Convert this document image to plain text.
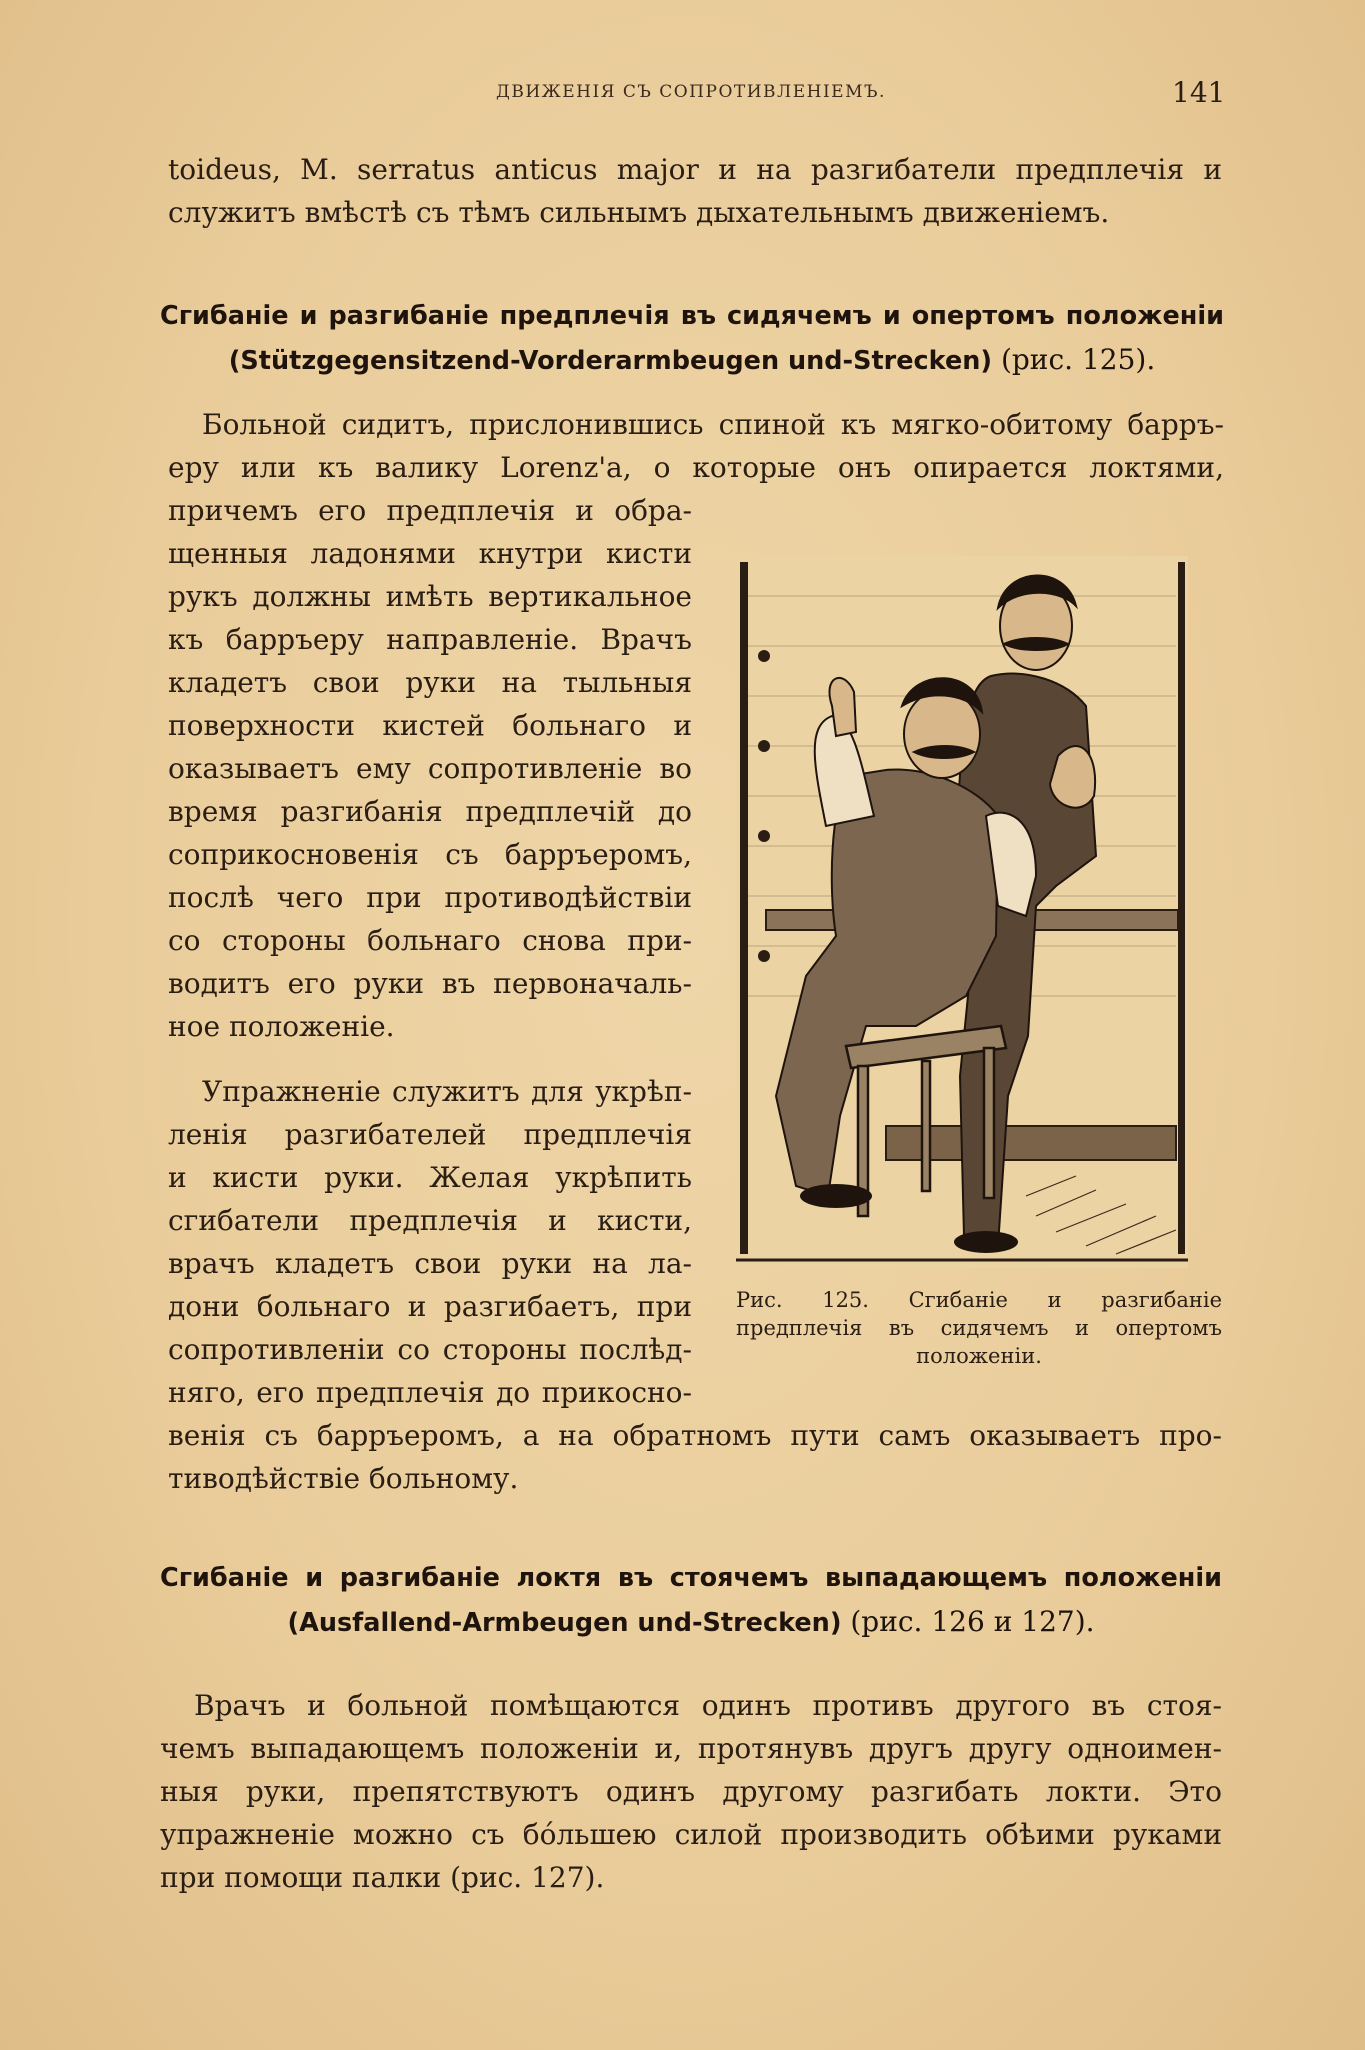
ДВИЖЕНІЯ СЪ СОПРОТИВЛЕНІЕМЪ.	141
toideus, M. serratus anticus major и на разгибатели предплечія и
служитъ вмѣстѣ съ тѣмъ сильнымъ дыхательнымъ движеніемъ.
Сгибаніе и разгибаніе предплечія въ сидячемъ и опертомъ положеніи
(Stützgegensitzend-Vorderarmbeugen und-Strecken) (рис. 125).
Больной сидитъ, прислонившись спиной къ мягко-обитому барръ-
еру или къ валику Lorenz'a, о которые онъ опирается локтями,
причемъ его предплечія и обра-
щенныя ладонями кнутри кисти
рукъ должны имѣть вертикальное
къ барръеру направленіе. Врачъ
кладетъ свои руки на тыльныя
поверхности кистей больнаго и
оказываетъ ему сопротивленіе во
время разгибанія предплечій до
соприкосновенія съ барръеромъ,
послѣ чего при противодѣйствіи
со стороны больнаго снова при-
водитъ его руки въ первоначаль-
ное положеніе.
Упражненіе служитъ для укрѣп-
ленія разгибателей предплечія
и кисти руки. Желая укрѣпить
сгибатели предплечія и кисти,
врачъ кладетъ свои руки на ла-
дони больнаго и разгибаетъ, при
сопротивленіи со стороны послѣд-
няго, его предплечія до прикосно-
венія съ барръеромъ, а на обратномъ пути самъ оказываетъ про-
тиводѣйствіе больному.
Рис. 125. Сгибаніе и разгибаніе
предплечія въ сидячемъ и опертомъ
положеніи.
Сгибаніе и разгибаніе локтя въ стоячемъ выпадающемъ положеніи
(Ausfallend-Armbeugen und-Strecken) (рис. 126 и 127).
Врачъ и больной помѣщаются одинъ противъ другого въ стоя-
чемъ выпадающемъ положеніи и, протянувъ другъ другу одноимен-
ныя руки, препятствуютъ одинъ другому разгибать локти. Это
упражненіе можно съ бо́льшею силой производить обѣими руками
при помощи палки (рис. 127).
